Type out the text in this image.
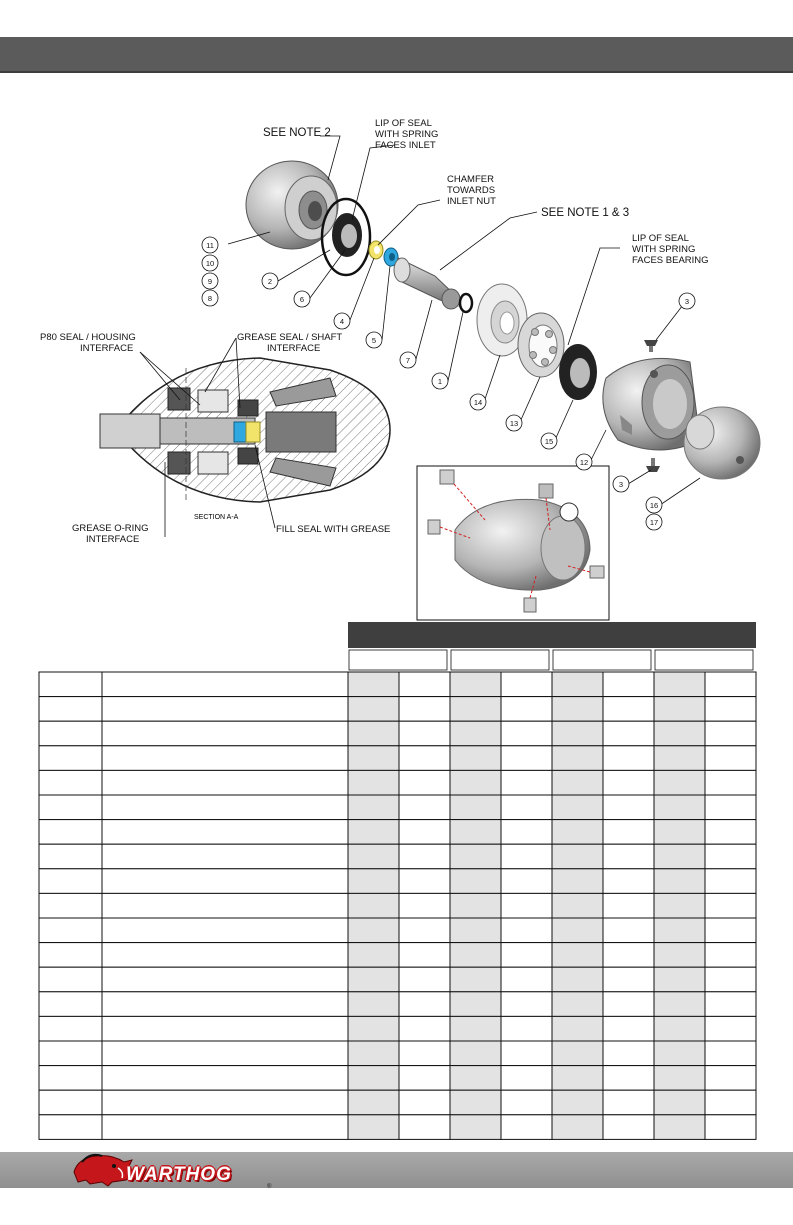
11
10
9
8
2
6
4
5
7
1
14
13
15
12
3
3
16
17
SEE NOTE 2
LIP OF SEAL
WITH SPRING
FACES INLET
CHAMFER
TOWARDS
INLET NUT
SEE NOTE 1 & 3
LIP OF SEAL
WITH SPRING
FACES BEARING
P80 SEAL / HOUSING
INTERFACE
GREASE SEAL / SHAFT
INTERFACE
GREASE O-RING
INTERFACE
FILL SEAL WITH GREASE
SECTION A-A
WARTHOG
®
